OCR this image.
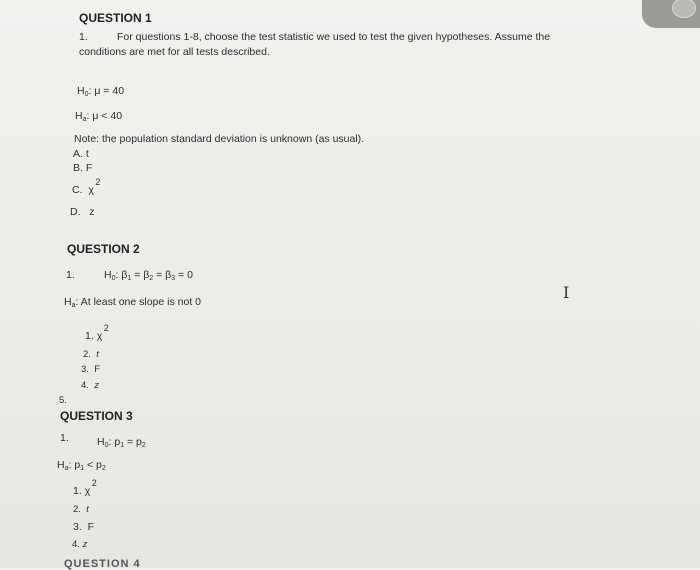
QUESTION 1
1.	For questions 1-8, choose the test statistic we used to test the given hypotheses. Assume the
conditions are met for all tests described.
$H_0$: μ = 40
$H_a$: μ < 40
Note: the population standard deviation is unknown (as usual).
A. t
B. F
C. χ
2
D. z
QUESTION 2
1.	$H_0$: $\beta_1 = \beta_2 = \beta_3 = 0$
$H_a$: At least one slope is not 0
1. χ
2
2. t
3. F
4. z
5.
QUESTION 3
1.	$H_0$: $p_1 = p_2$
$H_a$: $p_1 < p_2$
1. χ
2
2. t
3. F
4. z
QUESTION 4
I
